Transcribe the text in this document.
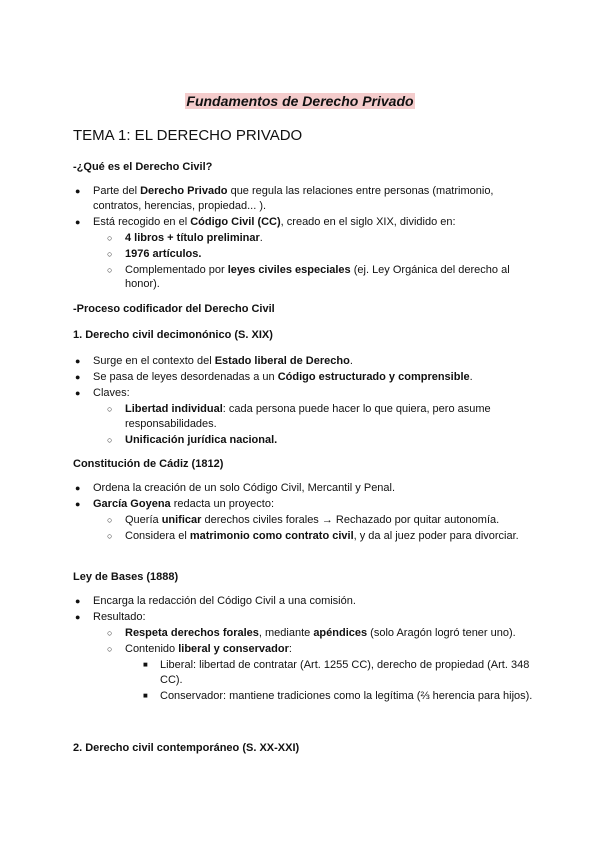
Fundamentos de Derecho Privado
TEMA 1: EL DERECHO PRIVADO
-¿Qué es el Derecho Civil?
● Parte del Derecho Privado que regula las relaciones entre personas (matrimonio, contratos, herencias, propiedad... ).
● Está recogido en el Código Civil (CC), creado en el siglo XIX, dividido en:
○ 4 libros + título preliminar.
○ 1976 artículos.
○ Complementado por leyes civiles especiales (ej. Ley Orgánica del derecho al honor).
-Proceso codificador del Derecho Civil
1. Derecho civil decimonónico (S. XIX)
● Surge en el contexto del Estado liberal de Derecho.
● Se pasa de leyes desordenadas a un Código estructurado y comprensible.
● Claves:
○ Libertad individual: cada persona puede hacer lo que quiera, pero asume responsabilidades.
○ Unificación jurídica nacional.
Constitución de Cádiz (1812)
● Ordena la creación de un solo Código Civil, Mercantil y Penal.
● García Goyena redacta un proyecto:
○ Quería unificar derechos civiles forales → Rechazado por quitar autonomía.
○ Considera el matrimonio como contrato civil, y da al juez poder para divorciar.
Ley de Bases (1888)
● Encarga la redacción del Código Civil a una comisión.
● Resultado:
○ Respeta derechos forales, mediante apéndices (solo Aragón logró tener uno).
○ Contenido liberal y conservador:
■ Liberal: libertad de contratar (Art. 1255 CC), derecho de propiedad (Art. 348 CC).
■ Conservador: mantiene tradiciones como la legítima (⅔ herencia para hijos).
2. Derecho civil contemporáneo (S. XX-XXI)
